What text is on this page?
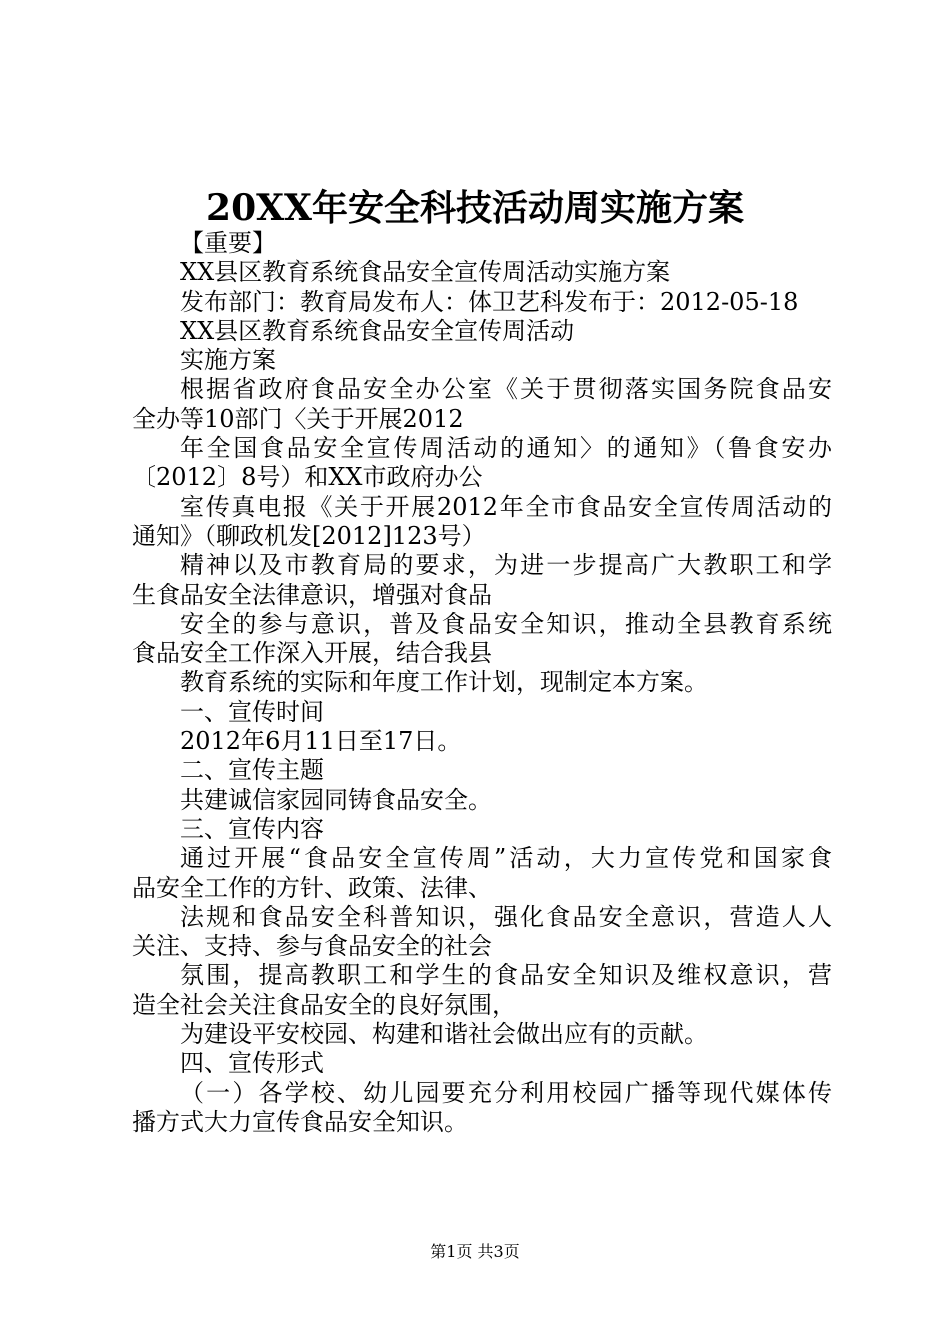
20XX年安全科技活动周实施方案
【重要】
XX县区教育系统食品安全宣传周活动实施方案
发布部门：教育局发布人：体卫艺科发布于：2012-05-18
XX县区教育系统食品安全宣传周活动
实施方案
根据省政府食品安全办公室《关于贯彻落实国务院食品安
全办等10部门〈关于开展2012
年全国食品安全宣传周活动的通知〉的通知》（鲁食安办
〔2012〕8号）和XX市政府办公
室传真电报《关于开展2012年全市食品安全宣传周活动的
通知》（聊政机发[2012]123号）
精神以及市教育局的要求，为进一步提高广大教职工和学
生食品安全法律意识，增强对食品
安全的参与意识，普及食品安全知识，推动全县教育系统
食品安全工作深入开展，结合我县
教育系统的实际和年度工作计划，现制定本方案。
一、宣传时间
2012年6月11日至17日。
二、宣传主题
共建诚信家园同铸食品安全。
三、宣传内容
通过开展“食品安全宣传周”活动，大力宣传党和国家食
品安全工作的方针、政策、法律、
法规和食品安全科普知识，强化食品安全意识，营造人人
关注、支持、参与食品安全的社会
氛围，提高教职工和学生的食品安全知识及维权意识，营
造全社会关注食品安全的良好氛围，
为建设平安校园、构建和谐社会做出应有的贡献。
四、宣传形式
（一）各学校、幼儿园要充分利用校园广播等现代媒体传
播方式大力宣传食品安全知识。
第1页 共3页
